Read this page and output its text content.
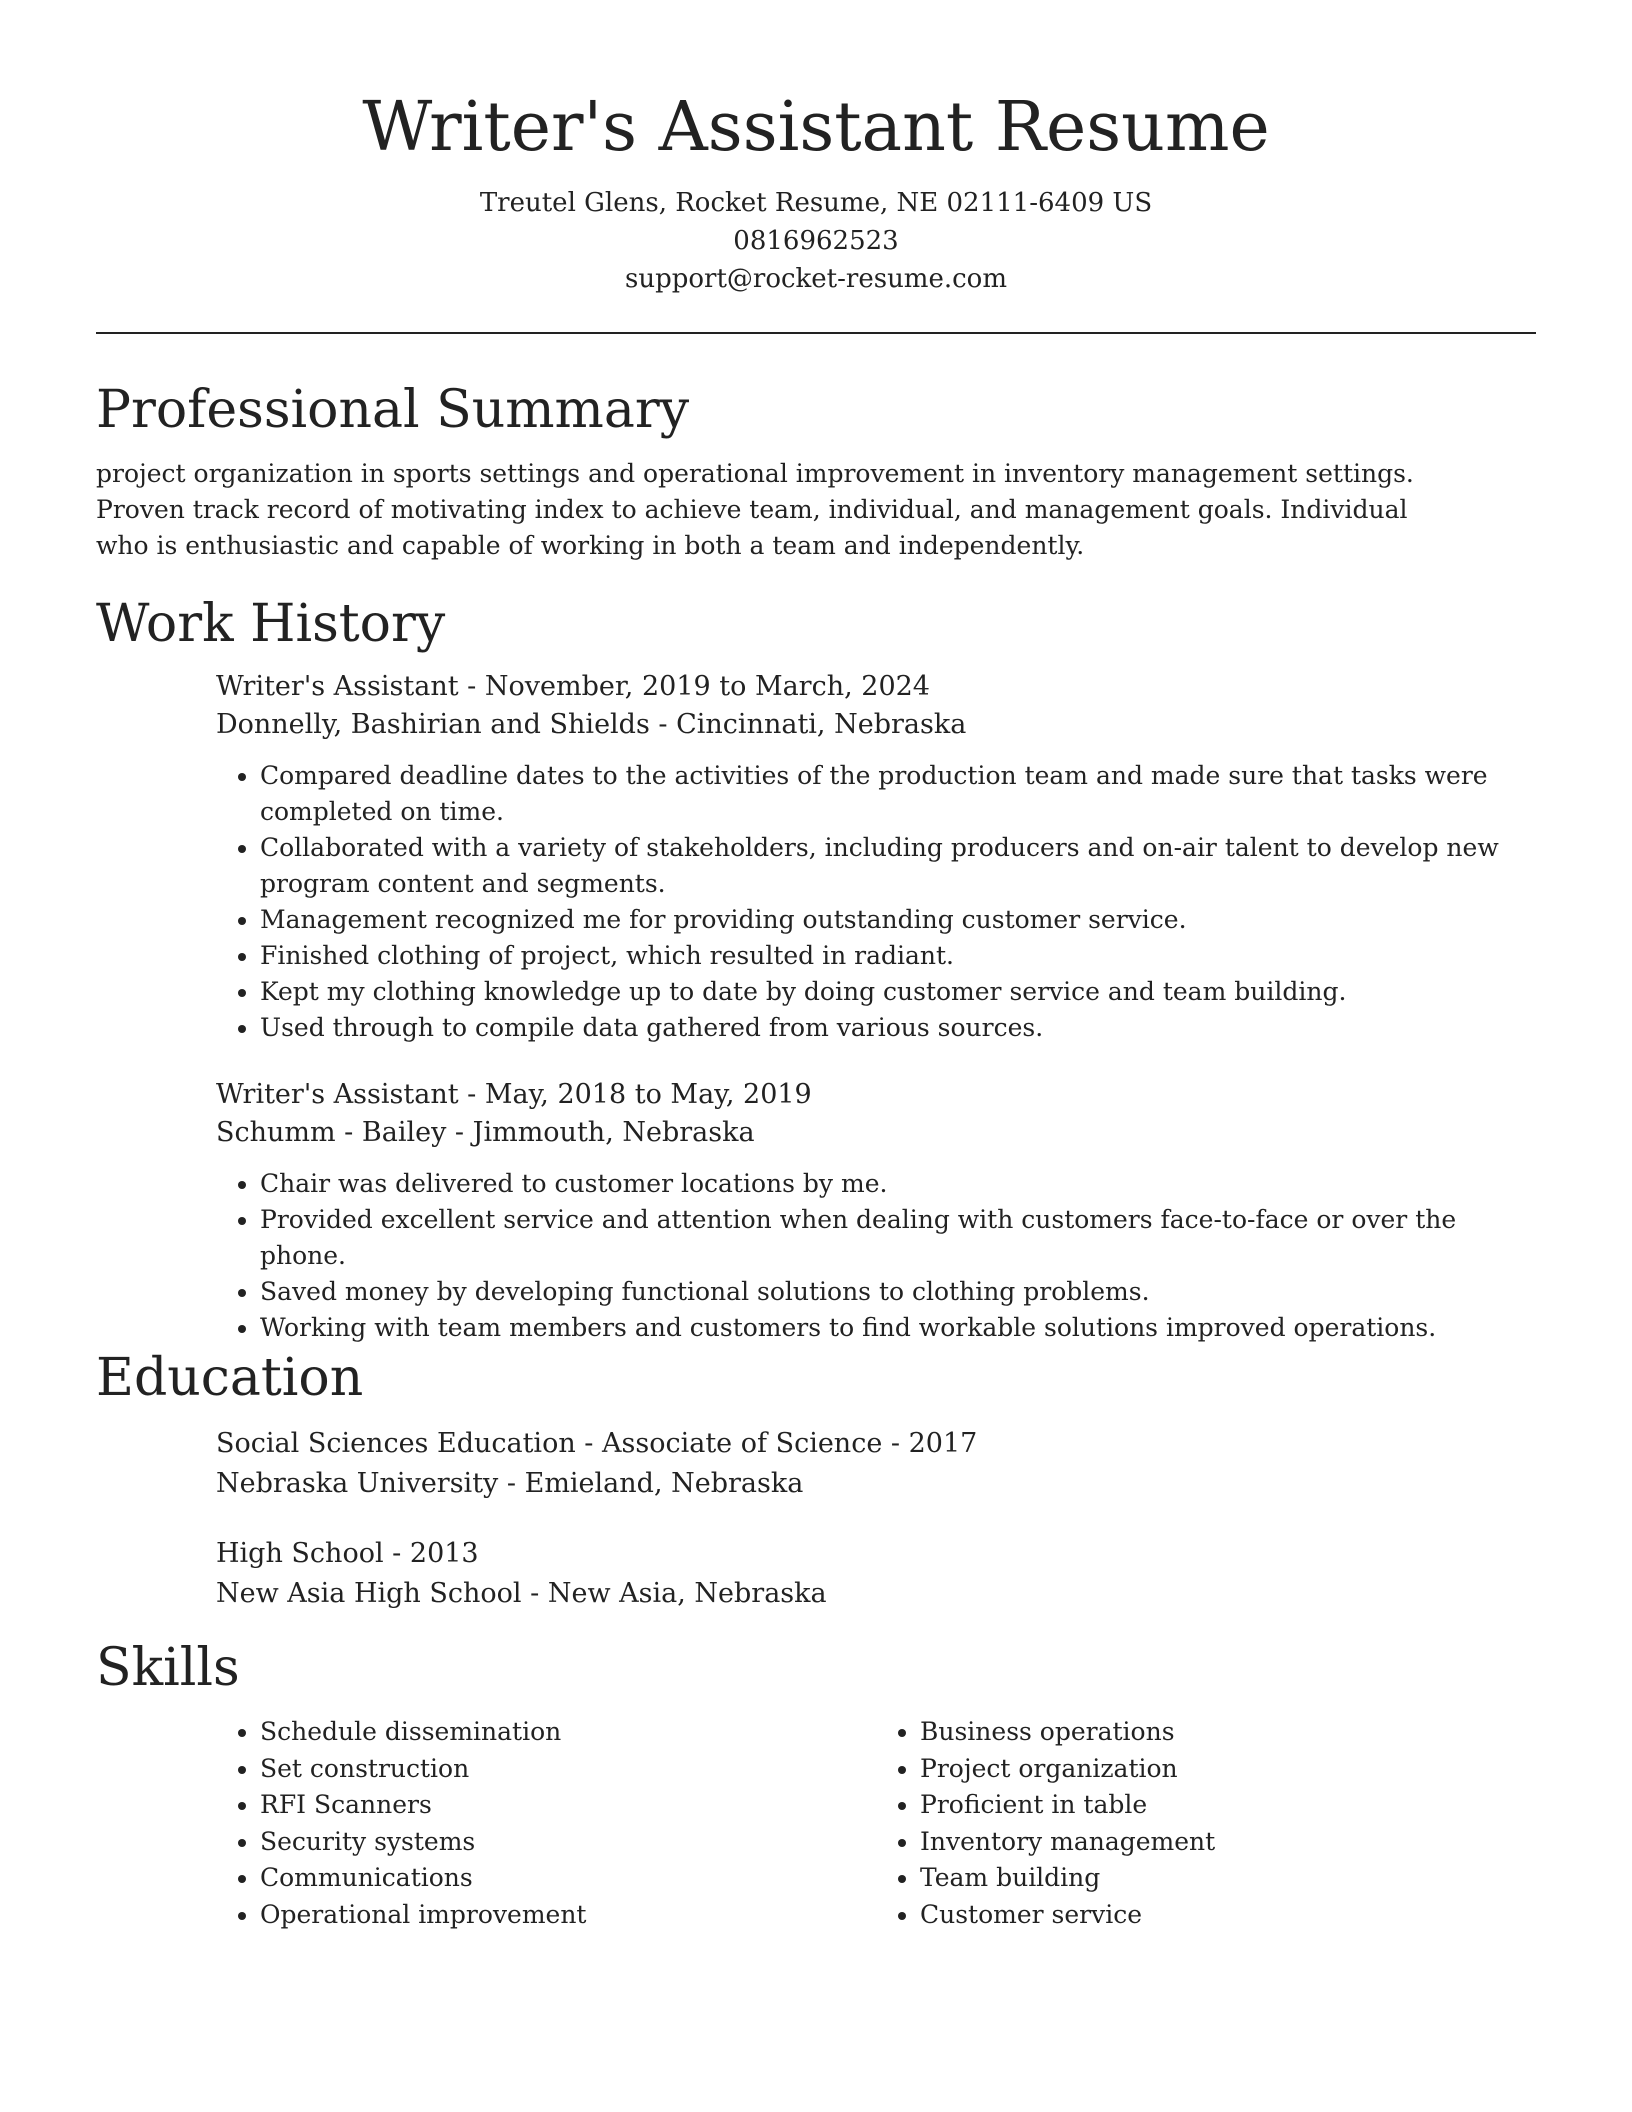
Writer's Assistant Resume
Treutel Glens, Rocket Resume, NE 02111-6409 US
0816962523
support@rocket-resume.com
Professional Summary

project organization in sports settings and operational improvement in inventory management settings. Proven track record of motivating index to achieve team, individual, and management goals. Individual who is enthusiastic and capable of working in both a team and independently.

Work History
Writer's Assistant - November, 2019 to March, 2024
Donnelly, Bashirian and Shields - Cincinnati, Nebraska
• Compared deadline dates to the activities of the production team and made sure that tasks were completed on time.
• Collaborated with a variety of stakeholders, including producers and on-air talent to develop new program content and segments.
• Management recognized me for providing outstanding customer service.
• Finished clothing of project, which resulted in radiant.
• Kept my clothing knowledge up to date by doing customer service and team building.
• Used through to compile data gathered from various sources.
Writer's Assistant - May, 2018 to May, 2019
Schumm - Bailey - Jimmouth, Nebraska
• Chair was delivered to customer locations by me.
• Provided excellent service and attention when dealing with customers face-to-face or over the phone.
• Saved money by developing functional solutions to clothing problems.
• Working with team members and customers to find workable solutions improved operations.
Education
Social Sciences Education - Associate of Science - 2017
Nebraska University - Emieland, Nebraska
High School - 2013
New Asia High School - New Asia, Nebraska
Skills
• Schedule dissemination
• Set construction
• RFI Scanners
• Security systems
• Communications
• Operational improvement
• Business operations
• Project organization
• Proficient in table
• Inventory management
• Team building
• Customer service
